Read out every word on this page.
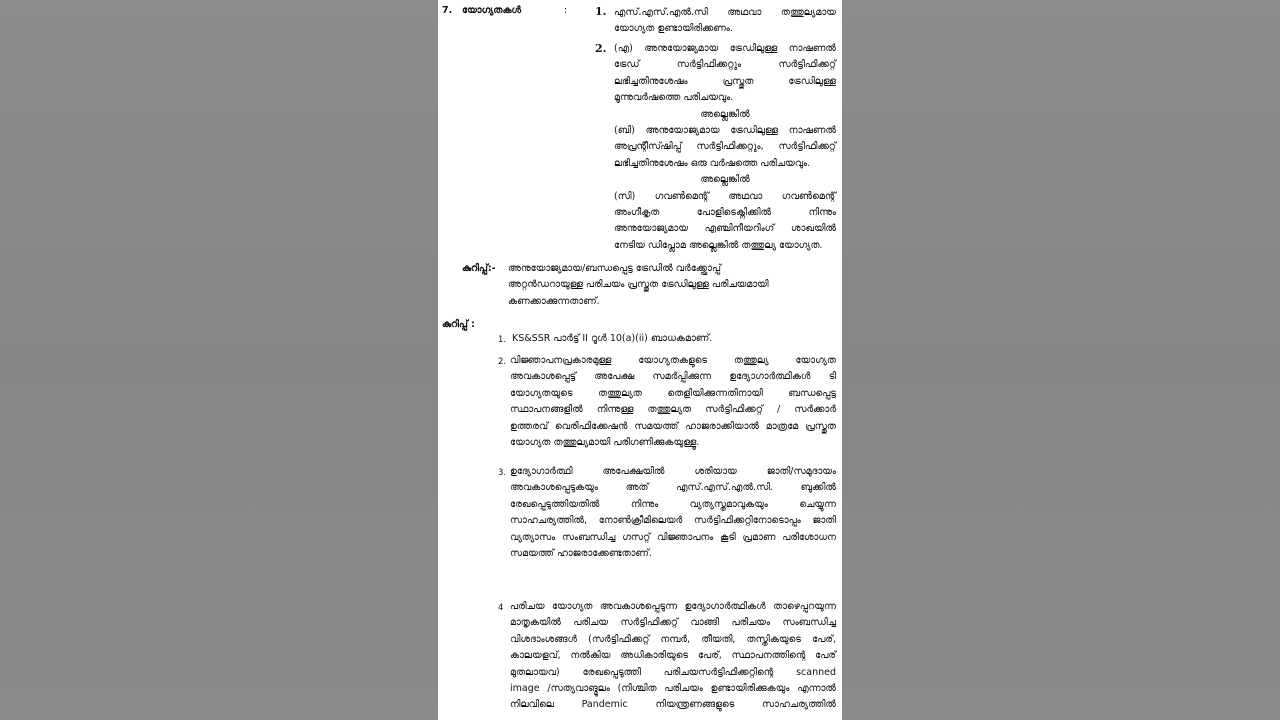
7. യോഗ്യതകൾ	:	1. എസ്.എസ്.എൽ.സി അഥവാ തത്തുല്യമായ
യോഗ്യത ഉണ്ടായിരിക്കണം.
2. (എ) അനുയോജ്യമായ ട്രേഡിലുള്ള നാഷണൽ
ട്രേഡ് സർട്ടിഫിക്കറ്റും സർട്ടിഫിക്കറ്റ്
ലഭിച്ചതിനുശേഷം പ്രസ്തുത ട്രേഡിലുള്ള
മൂന്നുവർഷത്തെ പരിചയവും.
അല്ലെങ്കിൽ
(ബി) അനുയോജ്യമായ ട്രേഡിലുള്ള നാഷണൽ
അപ്രന്റീസ്ഷിപ്പ് സർട്ടിഫിക്കറ്റും, സർട്ടിഫിക്കറ്റ്
ലഭിച്ചതിനുശേഷം ഒരു വർഷത്തെ പരിചയവും.
അല്ലെങ്കിൽ
(സി) ഗവൺമെന്റ് അഥവാ ഗവൺമെന്റ്
അംഗീകൃത പോളിടെക്നിക്കിൽ നിന്നും
അനുയോജ്യമായ എഞ്ചിനീയറിംഗ് ശാഖയിൽ
നേടിയ ഡിപ്ലോമ അല്ലെങ്കിൽ തത്തുല്യ യോഗ്യത.
കുറിപ്പ്:- അനുയോജ്യമായ/ബന്ധപ്പെട്ട ട്രേഡിൽ വർക്ക്ഷോപ്പ്
അറ്റൻഡറായുള്ള പരിചയം പ്രസ്തുത ട്രേഡിലുള്ള പരിചയമായി
കണക്കാക്കുന്നതാണ്.
കുറിപ്പ് :
1. KS&SSR പാർട്ട് II റൂൾ 10(a)(ii) ബാധകമാണ്.
2. വിജ്ഞാപനപ്രകാരമുള്ള യോഗ്യതകളുടെ തത്തുല്യ യോഗ്യത
അവകാശപ്പെട്ട് അപേക്ഷ സമർപ്പിക്കുന്ന ഉദ്യോഗാർത്ഥികൾ ടി
യോഗ്യതയുടെ തത്തുല്യത തെളിയിക്കുന്നതിനായി ബന്ധപ്പെട്ട
സ്ഥാപനങ്ങളിൽ നിന്നുള്ള തത്തുല്യത സർട്ടിഫിക്കറ്റ് / സർക്കാർ
ഉത്തരവ് വെരിഫിക്കേഷൻ സമയത്ത് ഹാജരാക്കിയാൽ മാത്രമേ പ്രസ്തുത
യോഗ്യത തത്തുല്യമായി പരിഗണിക്കുകയുള്ളൂ.
3. ഉദ്യോഗാർത്ഥി അപേക്ഷയിൽ ശരിയായ ജാതി/സമുദായം
അവകാശപ്പെടുകയും അത് എസ്.എസ്.എൽ.സി. ബുക്കിൽ
രേഖപ്പെടുത്തിയതിൽ നിന്നും വ്യത്യസ്തമാവുകയും ചെയ്യുന്ന
സാഹചര്യത്തിൽ, നോൺക്രീമിലെയർ സർട്ടിഫിക്കറ്റിനോടൊപ്പം ജാതി
വ്യത്യാസം സംബന്ധിച്ച ഗസറ്റ് വിജ്ഞാപനം കൂടി പ്രമാണ പരിശോധന
സമയത്ത് ഹാജരാക്കേണ്ടതാണ്.
4 പരിചയ യോഗ്യത അവകാശപ്പെടുന്ന ഉദ്യോഗാർത്ഥികൾ താഴെപ്പറയുന്ന
മാതൃകയിൽ പരിചയ സർട്ടിഫിക്കറ്റ് വാങ്ങി പരിചയം സംബന്ധിച്ച
വിശദാംശങ്ങൾ (സർട്ടിഫിക്കറ്റ് നമ്പർ, തീയതി, തസ്തികയുടെ പേര്,
കാലയളവ്, നൽകിയ അധികാരിയുടെ പേര്, സ്ഥാപനത്തിന്റെ പേര്
മുതലായവ) രേഖപ്പെടുത്തി പരിചയസർട്ടിഫിക്കറ്റിന്റെ scanned
image /സത്യവാങ്മൂലം (നിശ്ചിത പരിചയം ഉണ്ടായിരിക്കുകയും എന്നാൽ
നിലവിലെ Pandemic നിയന്ത്രണങ്ങളുടെ സാഹചര്യത്തിൽ
